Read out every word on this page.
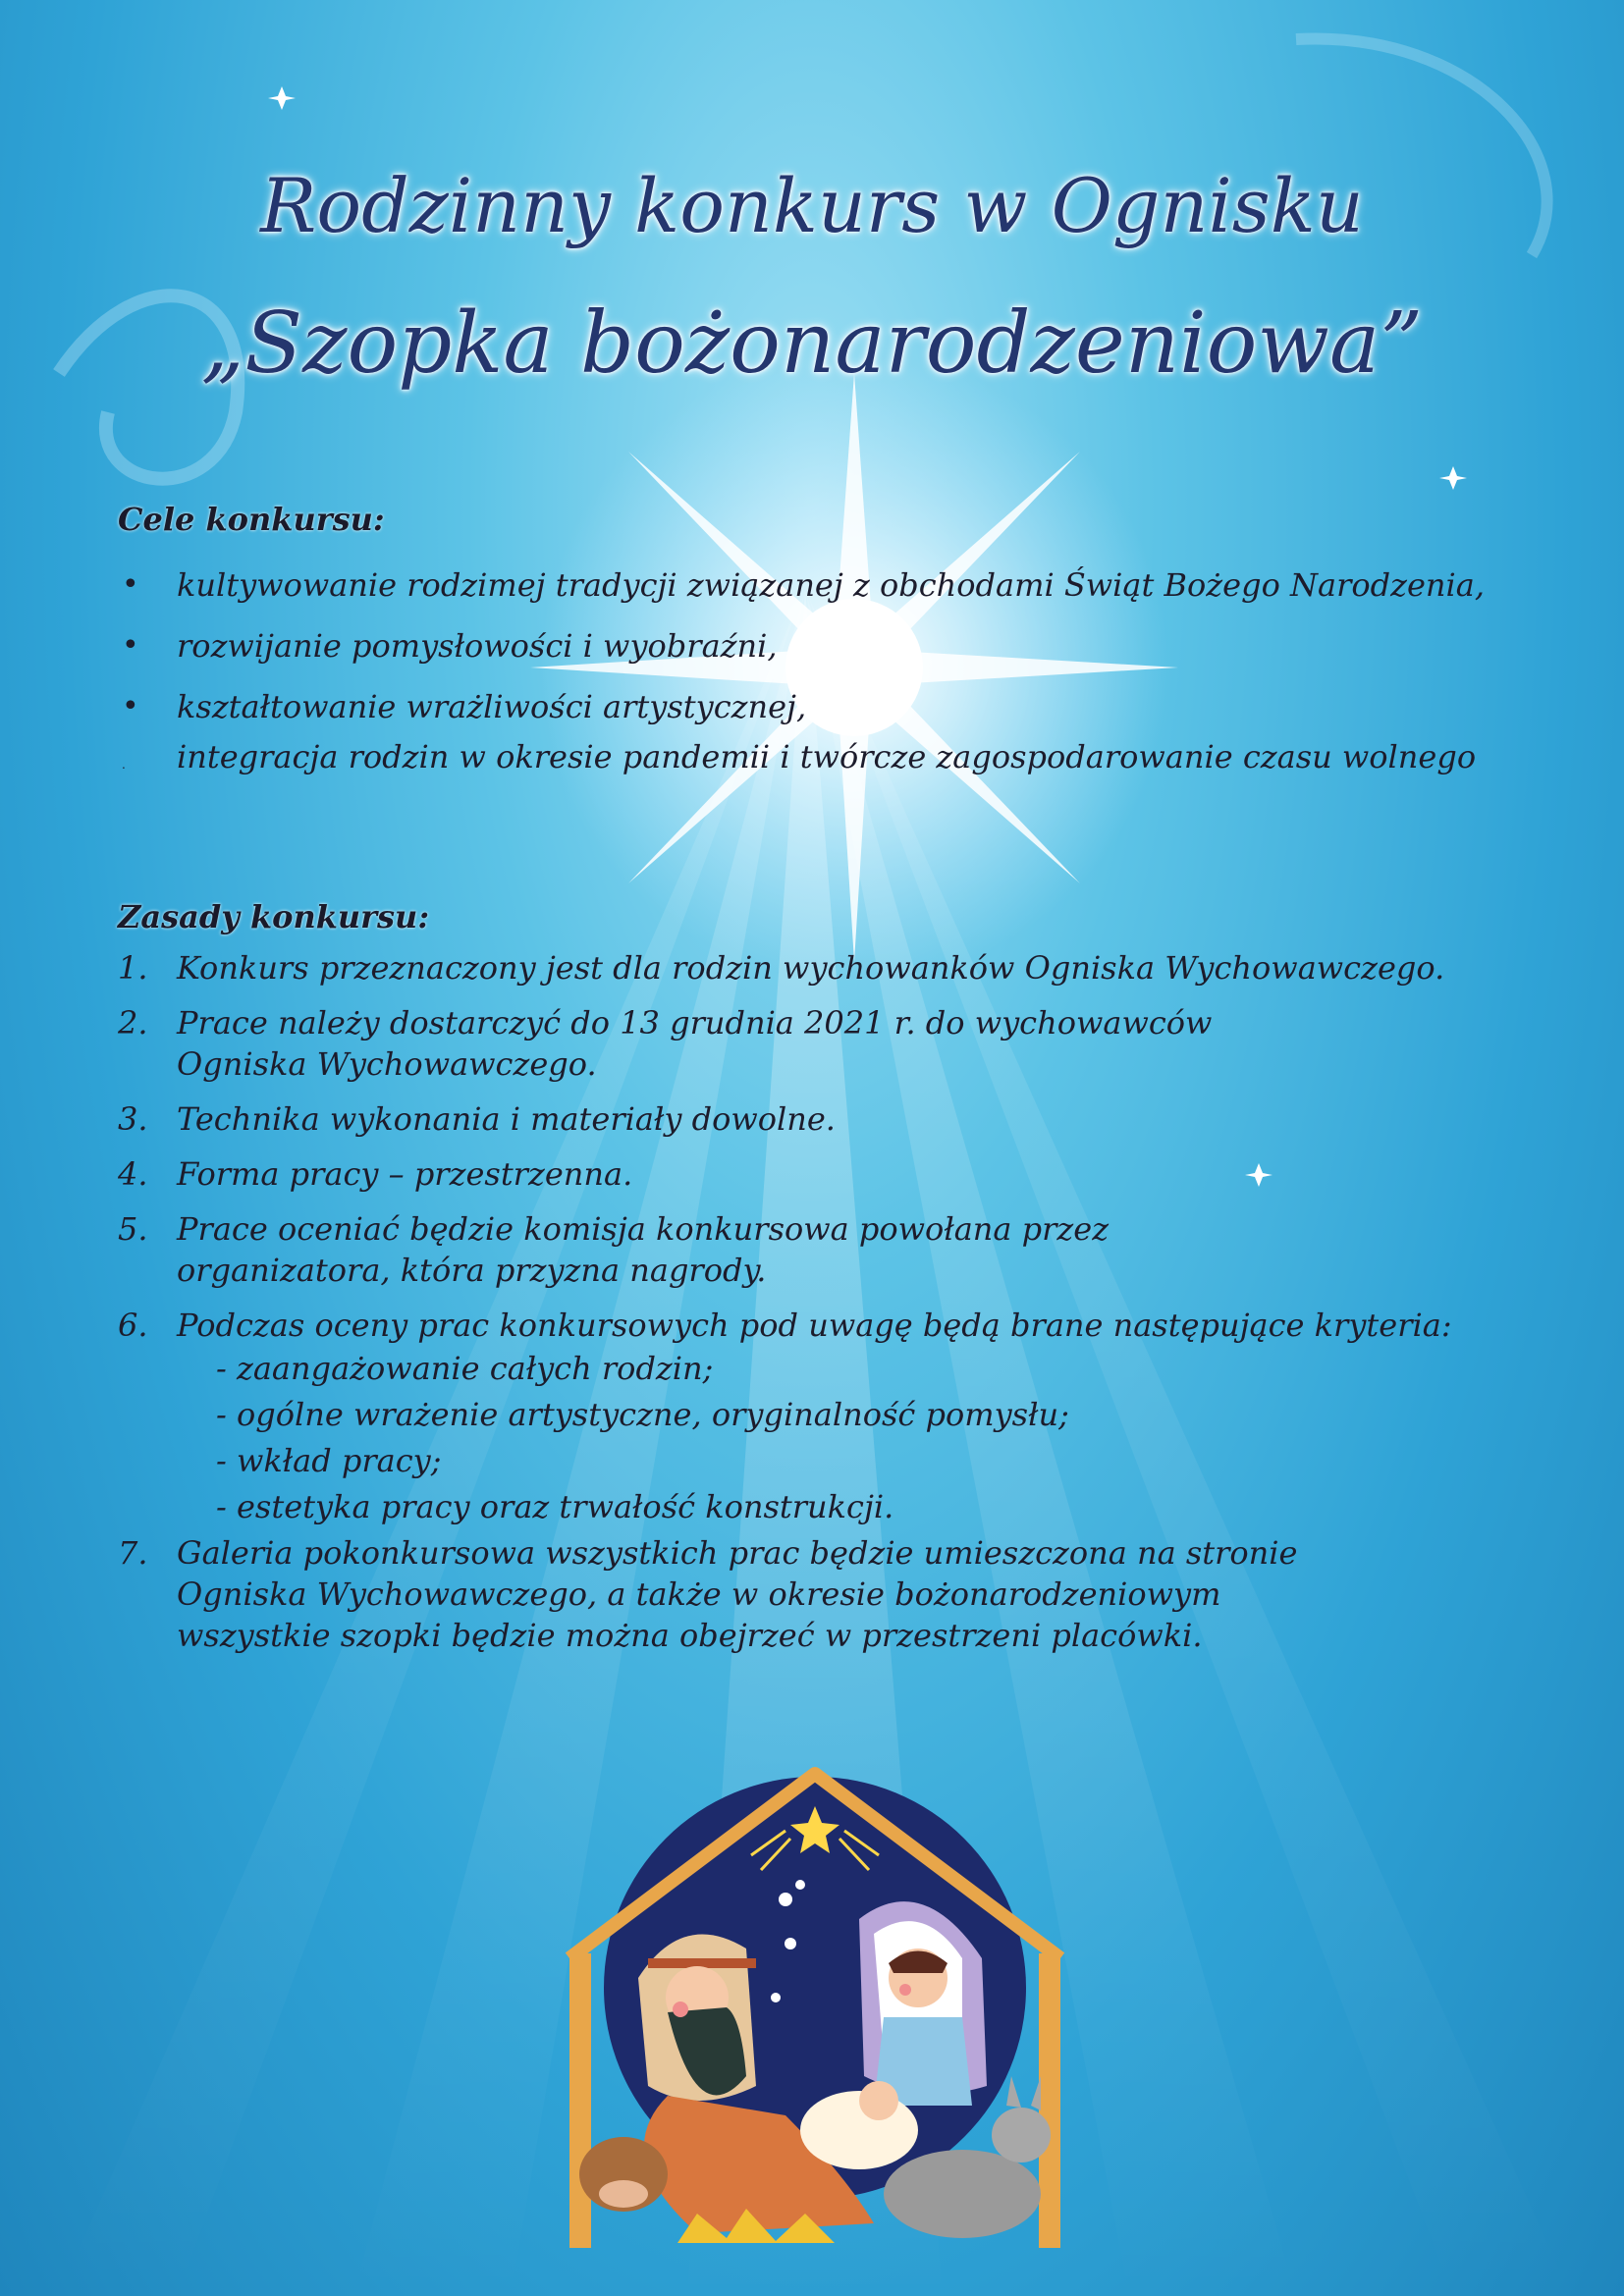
Rodzinny konkurs w Ognisku
„Szopka bożonarodzeniowa”
Cele konkursu:
• kultywowanie rodzimej tradycji związanej z obchodami Świąt Bożego Narodzenia,
• rozwijanie pomysłowości i wyobraźni,
• kształtowanie wrażliwości artystycznej,
. integracja rodzin w okresie pandemii i twórcze zagospodarowanie czasu wolnego
Zasady konkursu:
1. Konkurs przeznaczony jest dla rodzin wychowanków Ogniska Wychowawczego.
2. Prace należy dostarczyć do 13 grudnia 2021 r. do wychowawców Ogniska Wychowawczego.
3. Technika wykonania i materiały dowolne.
4. Forma pracy – przestrzenna.
5. Prace oceniać będzie komisja konkursowa powołana przez organizatora, która przyzna nagrody.
6. Podczas oceny prac konkursowych pod uwagę będą brane następujące kryteria:
- zaangażowanie całych rodzin;
- ogólne wrażenie artystyczne, oryginalność pomysłu;
- wkład pracy;
- estetyka pracy oraz trwałość konstrukcji.
7. Galeria pokonkursowa wszystkich prac będzie umieszczona na stronie Ogniska Wychowawczego, a także w okresie bożonarodzeniowym wszystkie szopki będzie można obejrzeć w przestrzeni placówki.
